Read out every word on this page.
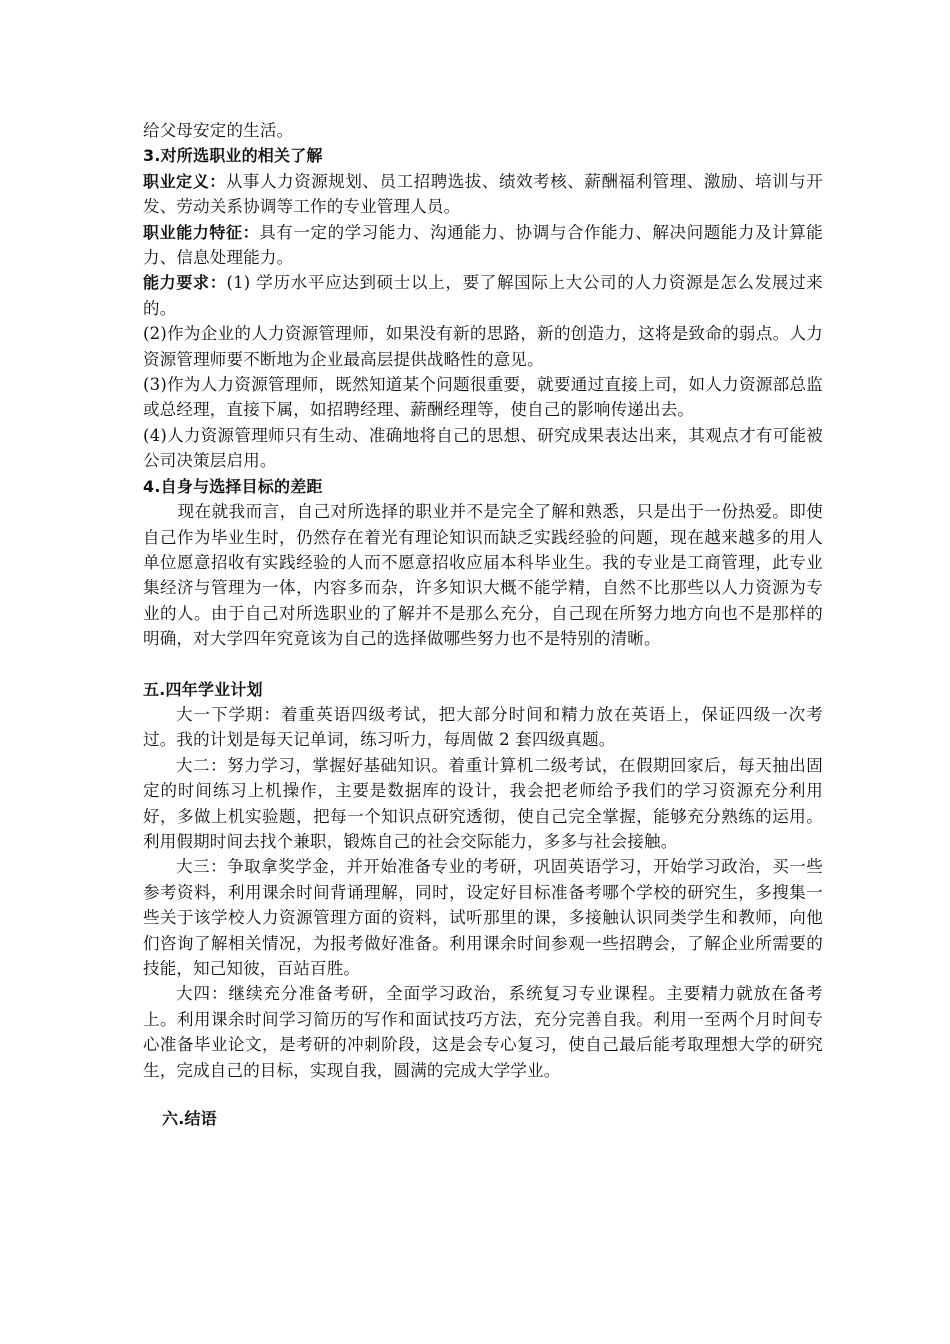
给父母安定的生活。

3.对所选职业的相关了解

职业定义：从事人力资源规划、员工招聘选拔、绩效考核、薪酬福利管理、激励、培训与开发、劳动关系协调等工作的专业管理人员。

职业能力特征：具有一定的学习能力、沟通能力、协调与合作能力、解决问题能力及计算能力、信息处理能力。

能力要求：(1) 学历水平应达到硕士以上，要了解国际上大公司的人力资源是怎么发展过来的。

(2)作为企业的人力资源管理师，如果没有新的思路，新的创造力，这将是致命的弱点。人力资源管理师要不断地为企业最高层提供战略性的意见。

(3)作为人力资源管理师，既然知道某个问题很重要，就要通过直接上司，如人力资源部总监或总经理，直接下属，如招聘经理、薪酬经理等，使自己的影响传递出去。

(4)人力资源管理师只有生动、准确地将自己的思想、研究成果表达出来，其观点才有可能被公司决策层启用。

4.自身与选择目标的差距

现在就我而言，自己对所选择的职业并不是完全了解和熟悉，只是出于一份热爱。即使自己作为毕业生时，仍然存在着光有理论知识而缺乏实践经验的问题，现在越来越多的用人单位愿意招收有实践经验的人而不愿意招收应届本科毕业生。我的专业是工商管理，此专业集经济与管理为一体，内容多而杂，许多知识大概不能学精，自然不比那些以人力资源为专业的人。由于自己对所选职业的了解并不是那么充分，自己现在所努力地方向也不是那样的明确，对大学四年究竟该为自己的选择做哪些努力也不是特别的清晰。

五.四年学业计划

大一下学期：着重英语四级考试，把大部分时间和精力放在英语上，保证四级一次考过。我的计划是每天记单词，练习听力，每周做 2 套四级真题。

大二：努力学习，掌握好基础知识。着重计算机二级考试，在假期回家后，每天抽出固定的时间练习上机操作，主要是数据库的设计，我会把老师给予我们的学习资源充分利用好，多做上机实验题，把每一个知识点研究透彻，使自己完全掌握，能够充分熟练的运用。利用假期时间去找个兼职，锻炼自己的社会交际能力，多多与社会接触。

大三：争取拿奖学金，并开始准备专业的考研，巩固英语学习，开始学习政治，买一些参考资料，利用课余时间背诵理解，同时，设定好目标准备考哪个学校的研究生，多搜集一些关于该学校人力资源管理方面的资料，试听那里的课，多接触认识同类学生和教师，向他们咨询了解相关情况，为报考做好准备。利用课余时间参观一些招聘会，了解企业所需要的技能，知己知彼，百站百胜。

大四：继续充分准备考研，全面学习政治，系统复习专业课程。主要精力就放在备考上。利用课余时间学习简历的写作和面试技巧方法，充分完善自我。利用一至两个月时间专心准备毕业论文，是考研的冲刺阶段，这是会专心复习，使自己最后能考取理想大学的研究生，完成自己的目标，实现自我，圆满的完成大学学业。

六.结语
